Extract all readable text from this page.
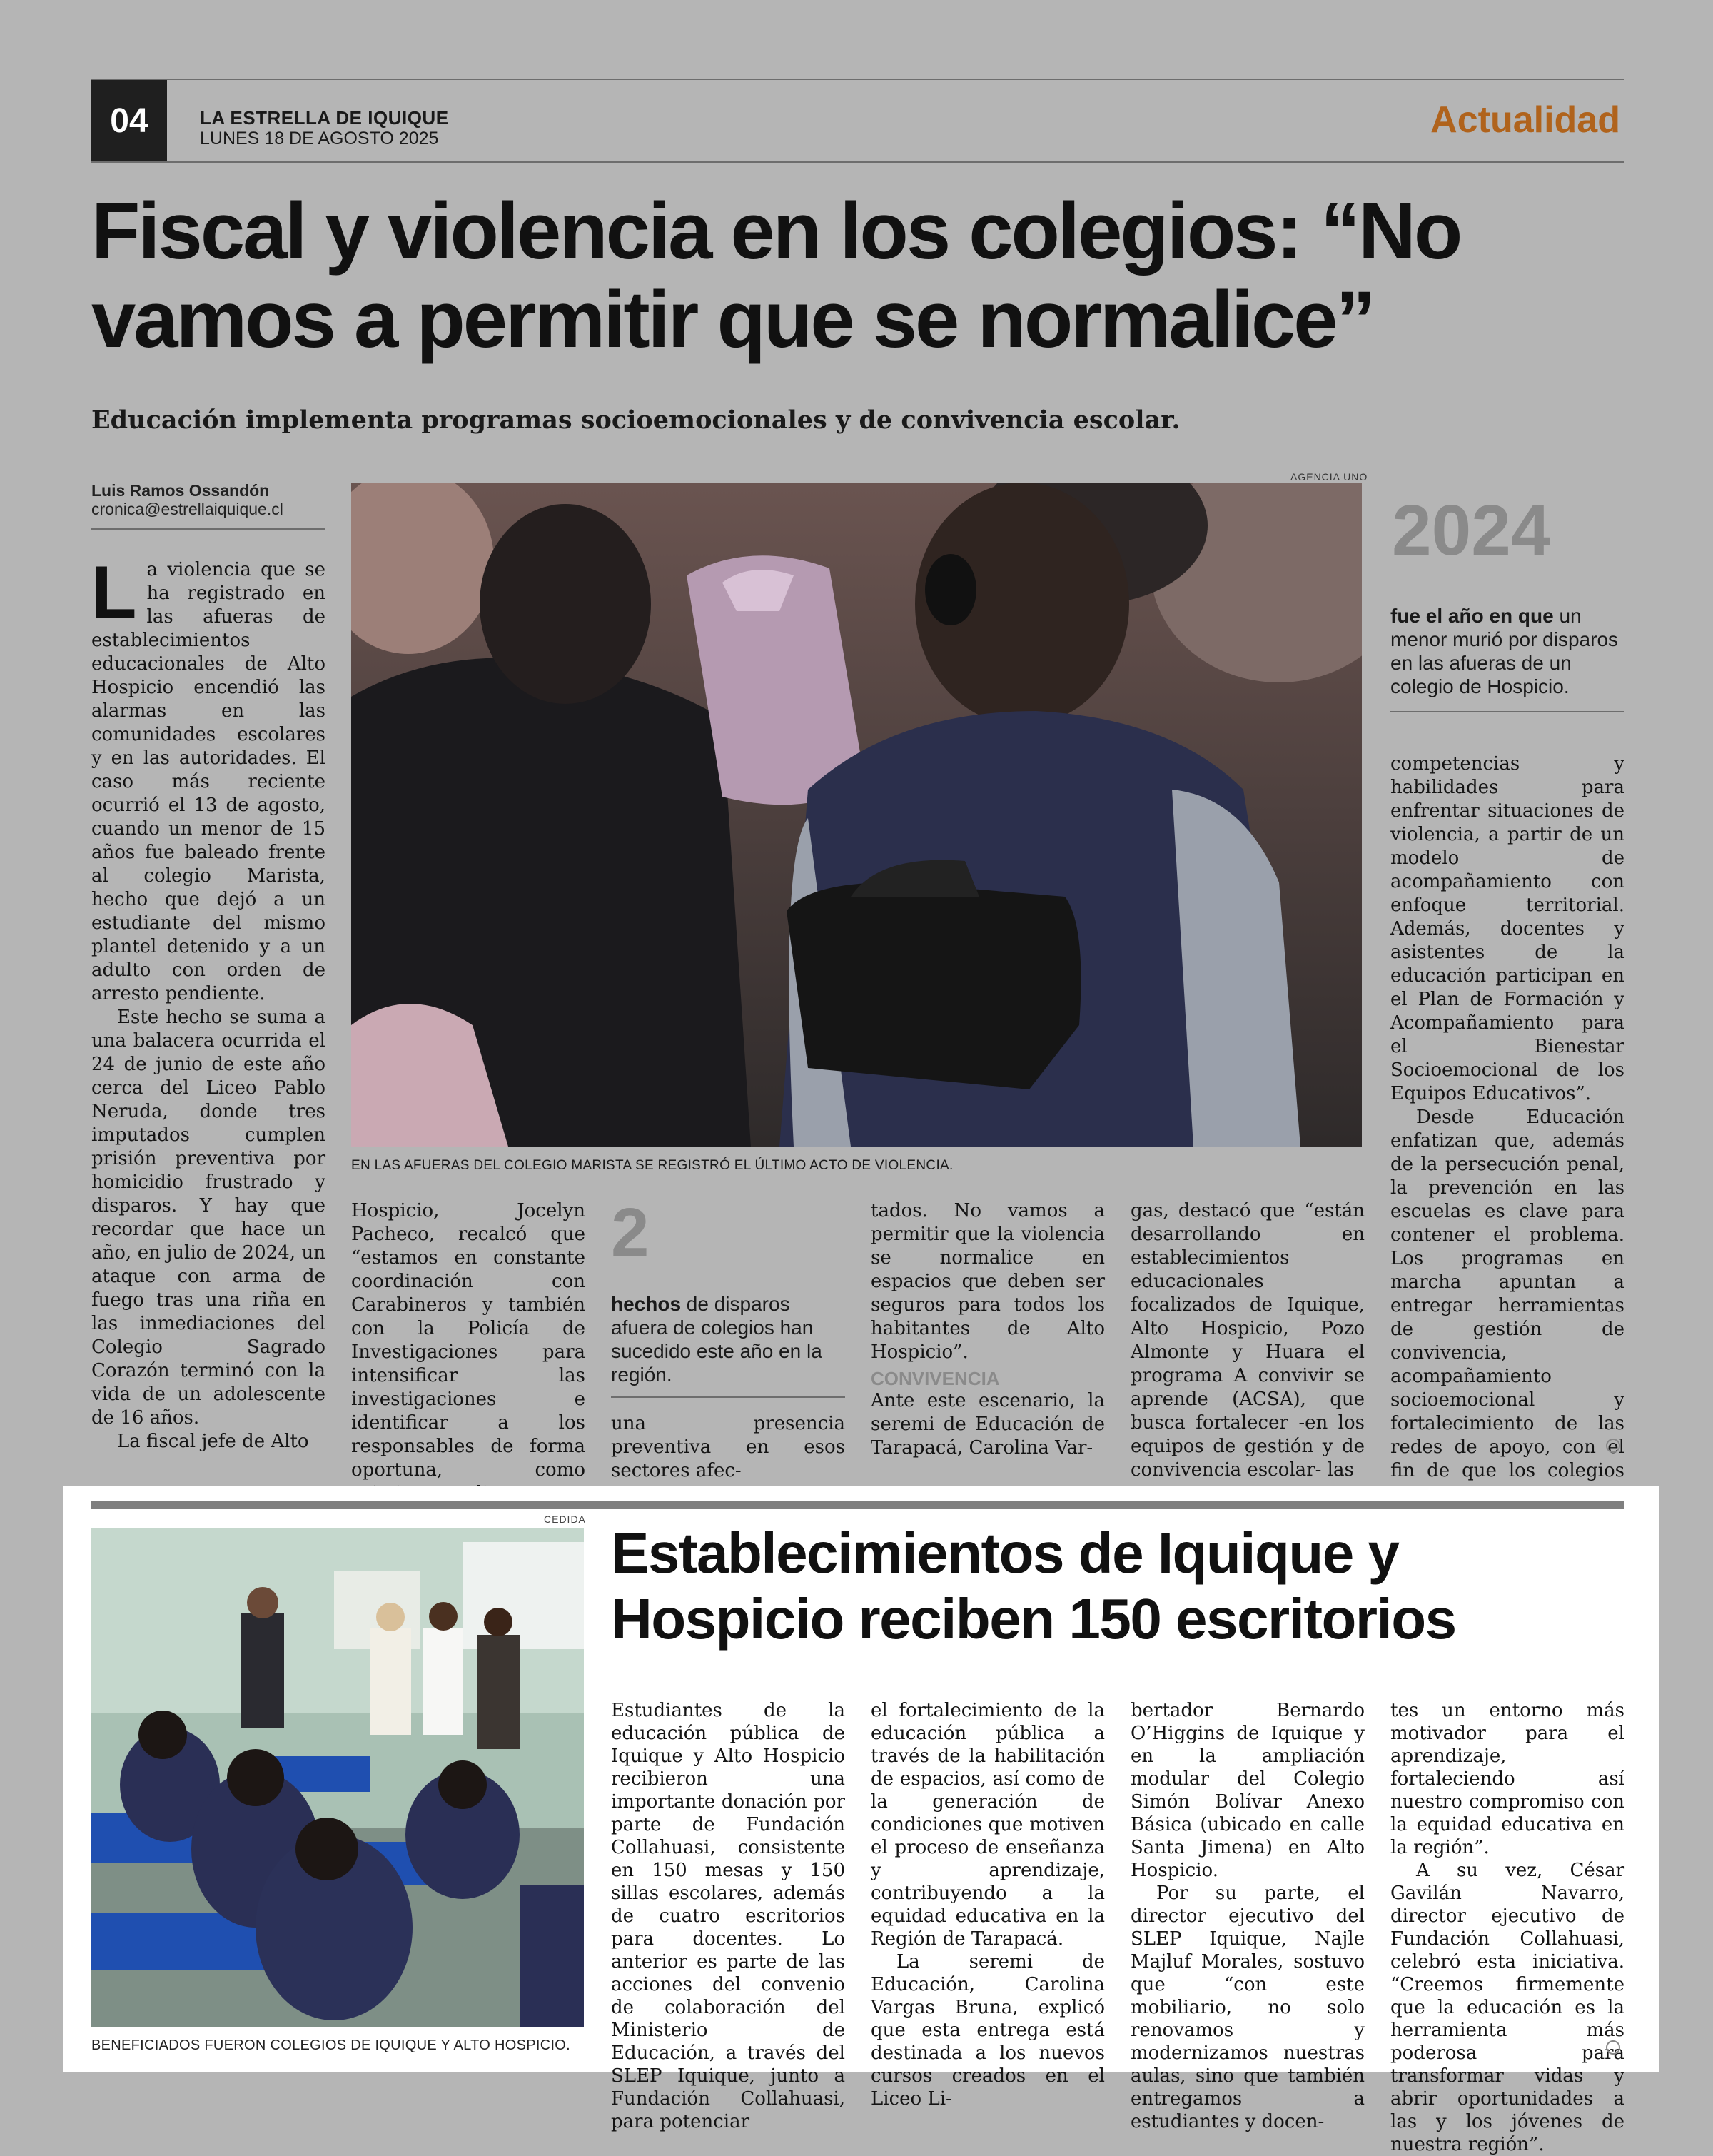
04	LA ESTRELLA DE IQUIQUE
LUNES 18 DE AGOSTO 2025	Actualidad
Fiscal y violencia en los colegios: “No vamos a permitir que se normalice”
Educación implementa programas socioemocionales y de convivencia escolar.
Luis Ramos Ossandón
cronica@estrellaiquique.cl

La violencia que se ha registrado en las afueras de establecimientos educacionales de Alto Hospicio encendió las alarmas en las comunidades escolares y en las autoridades. El caso más reciente ocurrió el 13 de agosto, cuando un menor de 15 años fue baleado frente al colegio Marista, hecho que dejó a un estudiante del mismo plantel detenido y a un adulto con orden de arresto pendiente.

Este hecho se suma a una balacera ocurrida el 24 de junio de este año cerca del Liceo Pablo Neruda, donde tres imputados cumplen prisión preventiva por homicidio frustrado y disparos. Y hay que recordar que hace un año, en julio de 2024, un ataque con arma de fuego tras una riña en las inmediaciones del Colegio Sagrado Corazón terminó con la vida de un adolescente de 16 años.

La fiscal jefe de Alto

AGENCIA UNO
EN LAS AFUERAS DEL COLEGIO MARISTA SE REGISTRÓ EL ÚLTIMO ACTO DE VIOLENCIA.
2024
fue el año en que un menor murió por disparos en las afueras de un colegio de Hospicio.

competencias y habilidades para enfrentar situaciones de violencia, a partir de un modelo de acompañamiento con enfoque territorial. Además, docentes y asistentes de la educación participan en el Plan de Formación y Acompañamiento para el Bienestar Socioemocional de los Equipos Educativos”.

Desde Educación enfatizan que, además de la persecución penal, la prevención en las escuelas es clave para contener el problema. Los programas en marcha apuntan a entregar herramientas de gestión de convivencia, acompañamiento socioemocional y fortalecimiento de las redes de apoyo, con el fin de que los colegios

Hospicio, Jocelyn Pacheco, recalcó que “estamos en constante coordinación con Carabineros y también con la Policía de Investigaciones para intensificar las investigaciones e identificar a los responsables de forma oportuna, como

2
hechos de disparos afuera de colegios han sucedido este año en la región.

una presencia preventiva en esos sectores afec-

tados. No vamos a permitir que la violencia se normalice en espacios que deben ser seguros para todos los habitantes de Alto Hospicio”.

CONVIVENCIA

Ante este escenario, la seremi de Educación de Tarapacá, Carolina Var-

gas, destacó que “están desarrollando en establecimientos educacionales focalizados de Iquique, Alto Hospicio, Pozo Almonte y Huara el programa A convivir se aprende (ACSA), que busca fortalecer -en los equipos de gestión y de convivencia escolar- las

CEDIDA
BENEFICIADOS FUERON COLEGIOS DE IQUIQUE Y ALTO HOSPICIO.
Establecimientos de Iquique y Hospicio reciben 150 escritorios

Estudiantes de la educación pública de Iquique y Alto Hospicio recibieron una importante donación por parte de Fundación Collahuasi, consistente en 150 mesas y 150 sillas escolares, además de cuatro escritorios para docentes. Lo anterior es parte de las acciones del convenio de colaboración del Ministerio de Educación, a través del SLEP Iquique, junto a Fundación Collahuasi, para potenciar

el fortalecimiento de la educación pública a través de la habilitación de espacios, así como de la generación de condiciones que motiven el proceso de enseñanza y aprendizaje, contribuyendo a la equidad educativa en la Región de Tarapacá.

La seremi de Educación, Carolina Vargas Bruna, explicó que esta entrega está destinada a los nuevos cursos creados en el Liceo Li-

bertador Bernardo O’Higgins de Iquique y en la ampliación modular del Colegio Simón Bolívar Anexo Básica (ubicado en calle Santa Jimena) en Alto Hospicio.

Por su parte, el director ejecutivo del SLEP Iquique, Najle Majluf Morales, sostuvo que “con este mobiliario, no solo renovamos y modernizamos nuestras aulas, sino que también entregamos a estudiantes y docen-

tes un entorno más motivador para el aprendizaje, fortaleciendo así nuestro compromiso con la equidad educativa en la región”.

A su vez, César Gavilán Navarro, director ejecutivo de Fundación Collahuasi, celebró esta iniciativa. “Creemos firmemente que la educación es la herramienta más poderosa para transformar vidas y abrir oportunidades a las y los jóvenes de nuestra región”.
